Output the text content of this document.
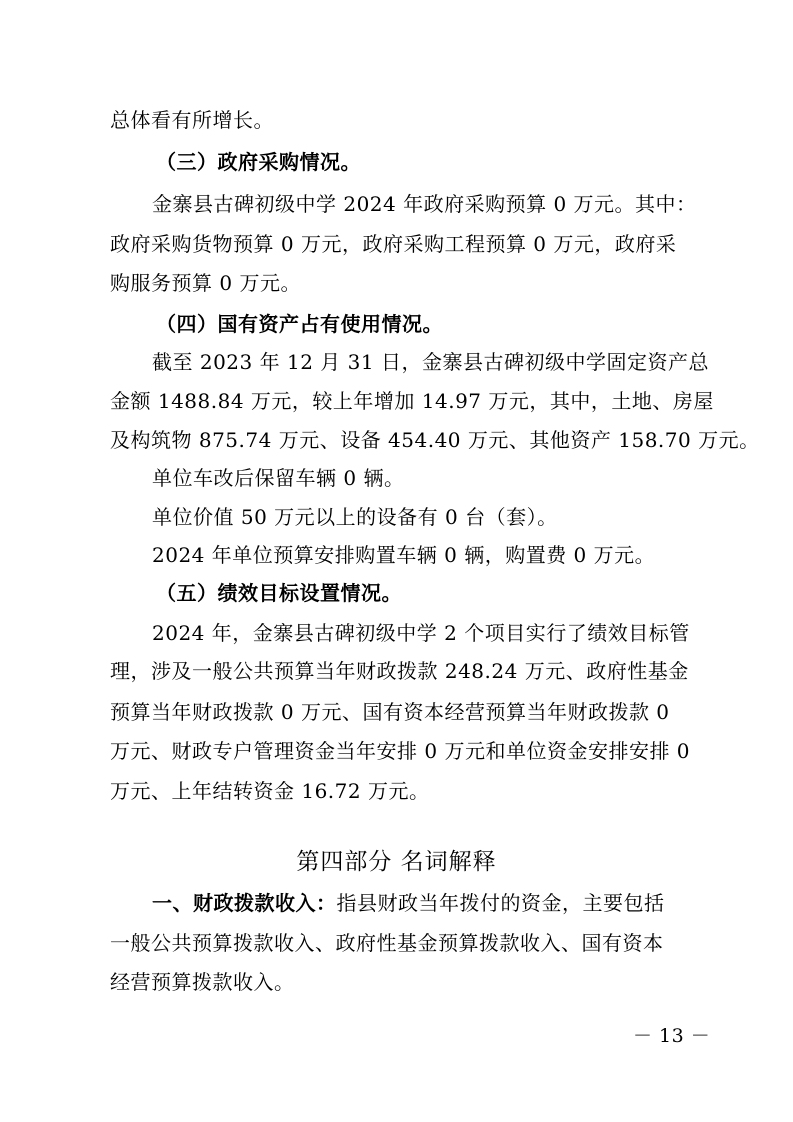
总体看有所增长。
（三）政府采购情况。
金寨县古碑初级中学 2024 年政府采购预算 0 万元。其中：
政府采购货物预算 0 万元，政府采购工程预算 0 万元，政府采
购服务预算 0 万元。
（四）国有资产占有使用情况。
截至 2023 年 12 月 31 日，金寨县古碑初级中学固定资产总
金额 1488.84 万元，较上年增加 14.97 万元，其中，土地、房屋
及构筑物 875.74 万元、设备 454.40 万元、其他资产 158.70 万元。
单位车改后保留车辆 0 辆。
单位价值 50 万元以上的设备有 0 台（套）。
2024 年单位预算安排购置车辆 0 辆，购置费 0 万元。
（五）绩效目标设置情况。
2024 年，金寨县古碑初级中学 2 个项目实行了绩效目标管
理，涉及一般公共预算当年财政拨款 248.24 万元、政府性基金
预算当年财政拨款 0 万元、国有资本经营预算当年财政拨款 0
万元、财政专户管理资金当年安排 0 万元和单位资金安排安排 0
万元、上年结转资金 16.72 万元。
第四部分 名词解释
一、财政拨款收入：指县财政当年拨付的资金，主要包括
一般公共预算拨款收入、政府性基金预算拨款收入、国有资本
经营预算拨款收入。
－ 13 －
